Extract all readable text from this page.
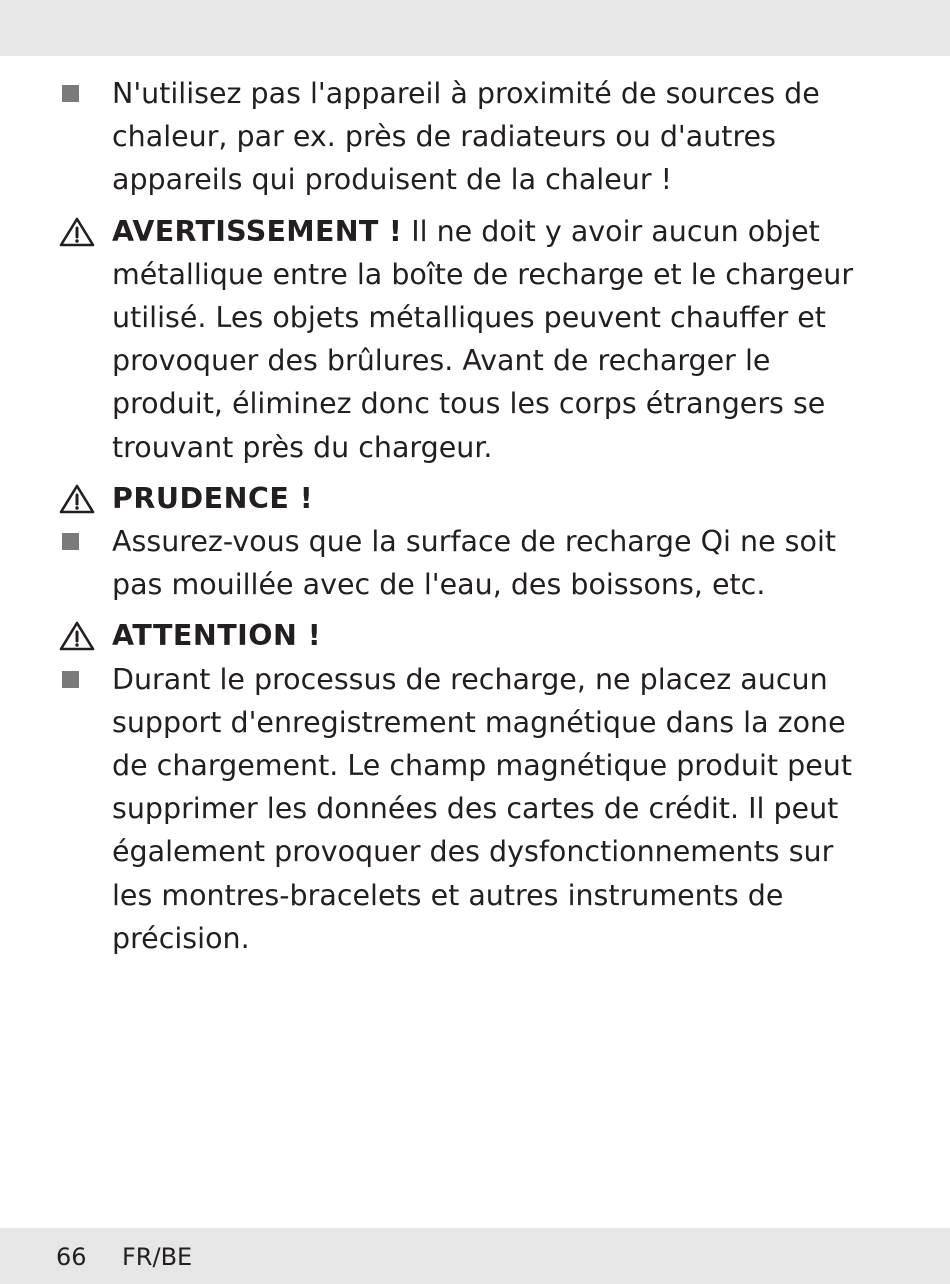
N'utilisez pas l'appareil à proximité de sources de chaleur, par ex. près de radiateurs ou d'autres appareils qui produisent de la chaleur !

AVERTISSEMENT ! Il ne doit y avoir aucun objet métallique entre la boîte de recharge et le chargeur utilisé. Les objets métalliques peuvent chauffer et provoquer des brûlures. Avant de recharger le produit, éliminez donc tous les corps étrangers se trouvant près du chargeur.

PRUDENCE !

Assurez-vous que la surface de recharge Qi ne soit pas mouillée avec de l'eau, des boissons, etc.

ATTENTION !

Durant le processus de recharge, ne placez aucun support d'enregistrement magnétique dans la zone de chargement. Le champ magnétique produit peut supprimer les données des cartes de crédit. Il peut également provoquer des dysfonctionnements sur les montres-bracelets et autres instruments de précision.

66 FR/BE
